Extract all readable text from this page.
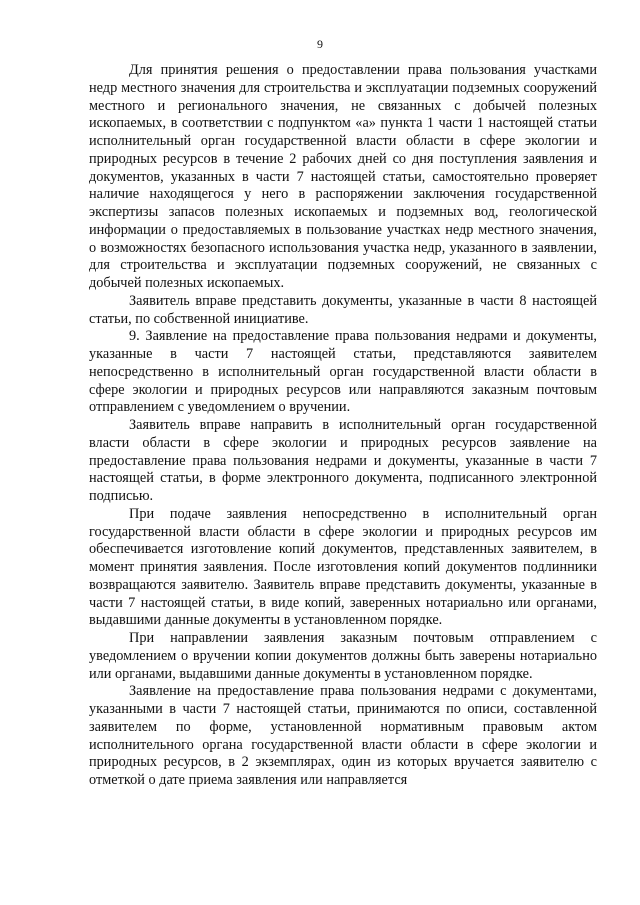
9

Для принятия решения о предоставлении права пользования участками недр местного значения для строительства и эксплуатации подземных сооружений местного и регионального значения, не связанных с добычей полезных ископаемых, в соответствии с подпунктом «а» пункта 1 части 1 настоящей статьи исполнительный орган государственной власти области в сфере экологии и природных ресурсов в течение 2 рабочих дней со дня поступления заявления и документов, указанных в части 7 настоящей статьи, самостоятельно проверяет наличие находящегося у него в распоряжении заключения государственной экспертизы запасов полезных ископаемых и подземных вод, геологической информации о предоставляемых в пользование участках недр местного значения, о возможностях безопасного использования участка недр, указанного в заявлении, для строительства и эксплуатации подземных сооружений, не связанных с добычей полезных ископаемых.

Заявитель вправе представить документы, указанные в части 8 настоящей статьи, по собственной инициативе.

9. Заявление на предоставление права пользования недрами и документы, указанные в части 7 настоящей статьи, представляются заявителем непосредственно в исполнительный орган государственной власти области в сфере экологии и природных ресурсов или направляются заказным почтовым отправлением с уведомлением о вручении.

Заявитель вправе направить в исполнительный орган государственной власти области в сфере экологии и природных ресурсов заявление на предоставление права пользования недрами и документы, указанные в части 7 настоящей статьи, в форме электронного документа, подписанного электронной подписью.

При подаче заявления непосредственно в исполнительный орган государственной власти области в сфере экологии и природных ресурсов им обеспечивается изготовление копий документов, представленных заявителем, в момент принятия заявления. После изготовления копий документов подлинники возвращаются заявителю. Заявитель вправе представить документы, указанные в части 7 настоящей статьи, в виде копий, заверенных нотариально или органами, выдавшими данные документы в установленном порядке.

При направлении заявления заказным почтовым отправлением с уведомлением о вручении копии документов должны быть заверены нотариально или органами, выдавшими данные документы в установленном порядке.

Заявление на предоставление права пользования недрами с документами, указанными в части 7 настоящей статьи, принимаются по описи, составленной заявителем по форме, установленной нормативным правовым актом исполнительного органа государственной власти области в сфере экологии и природных ресурсов, в 2 экземплярах, один из которых вручается заявителю с отметкой о дате приема заявления или направляется
